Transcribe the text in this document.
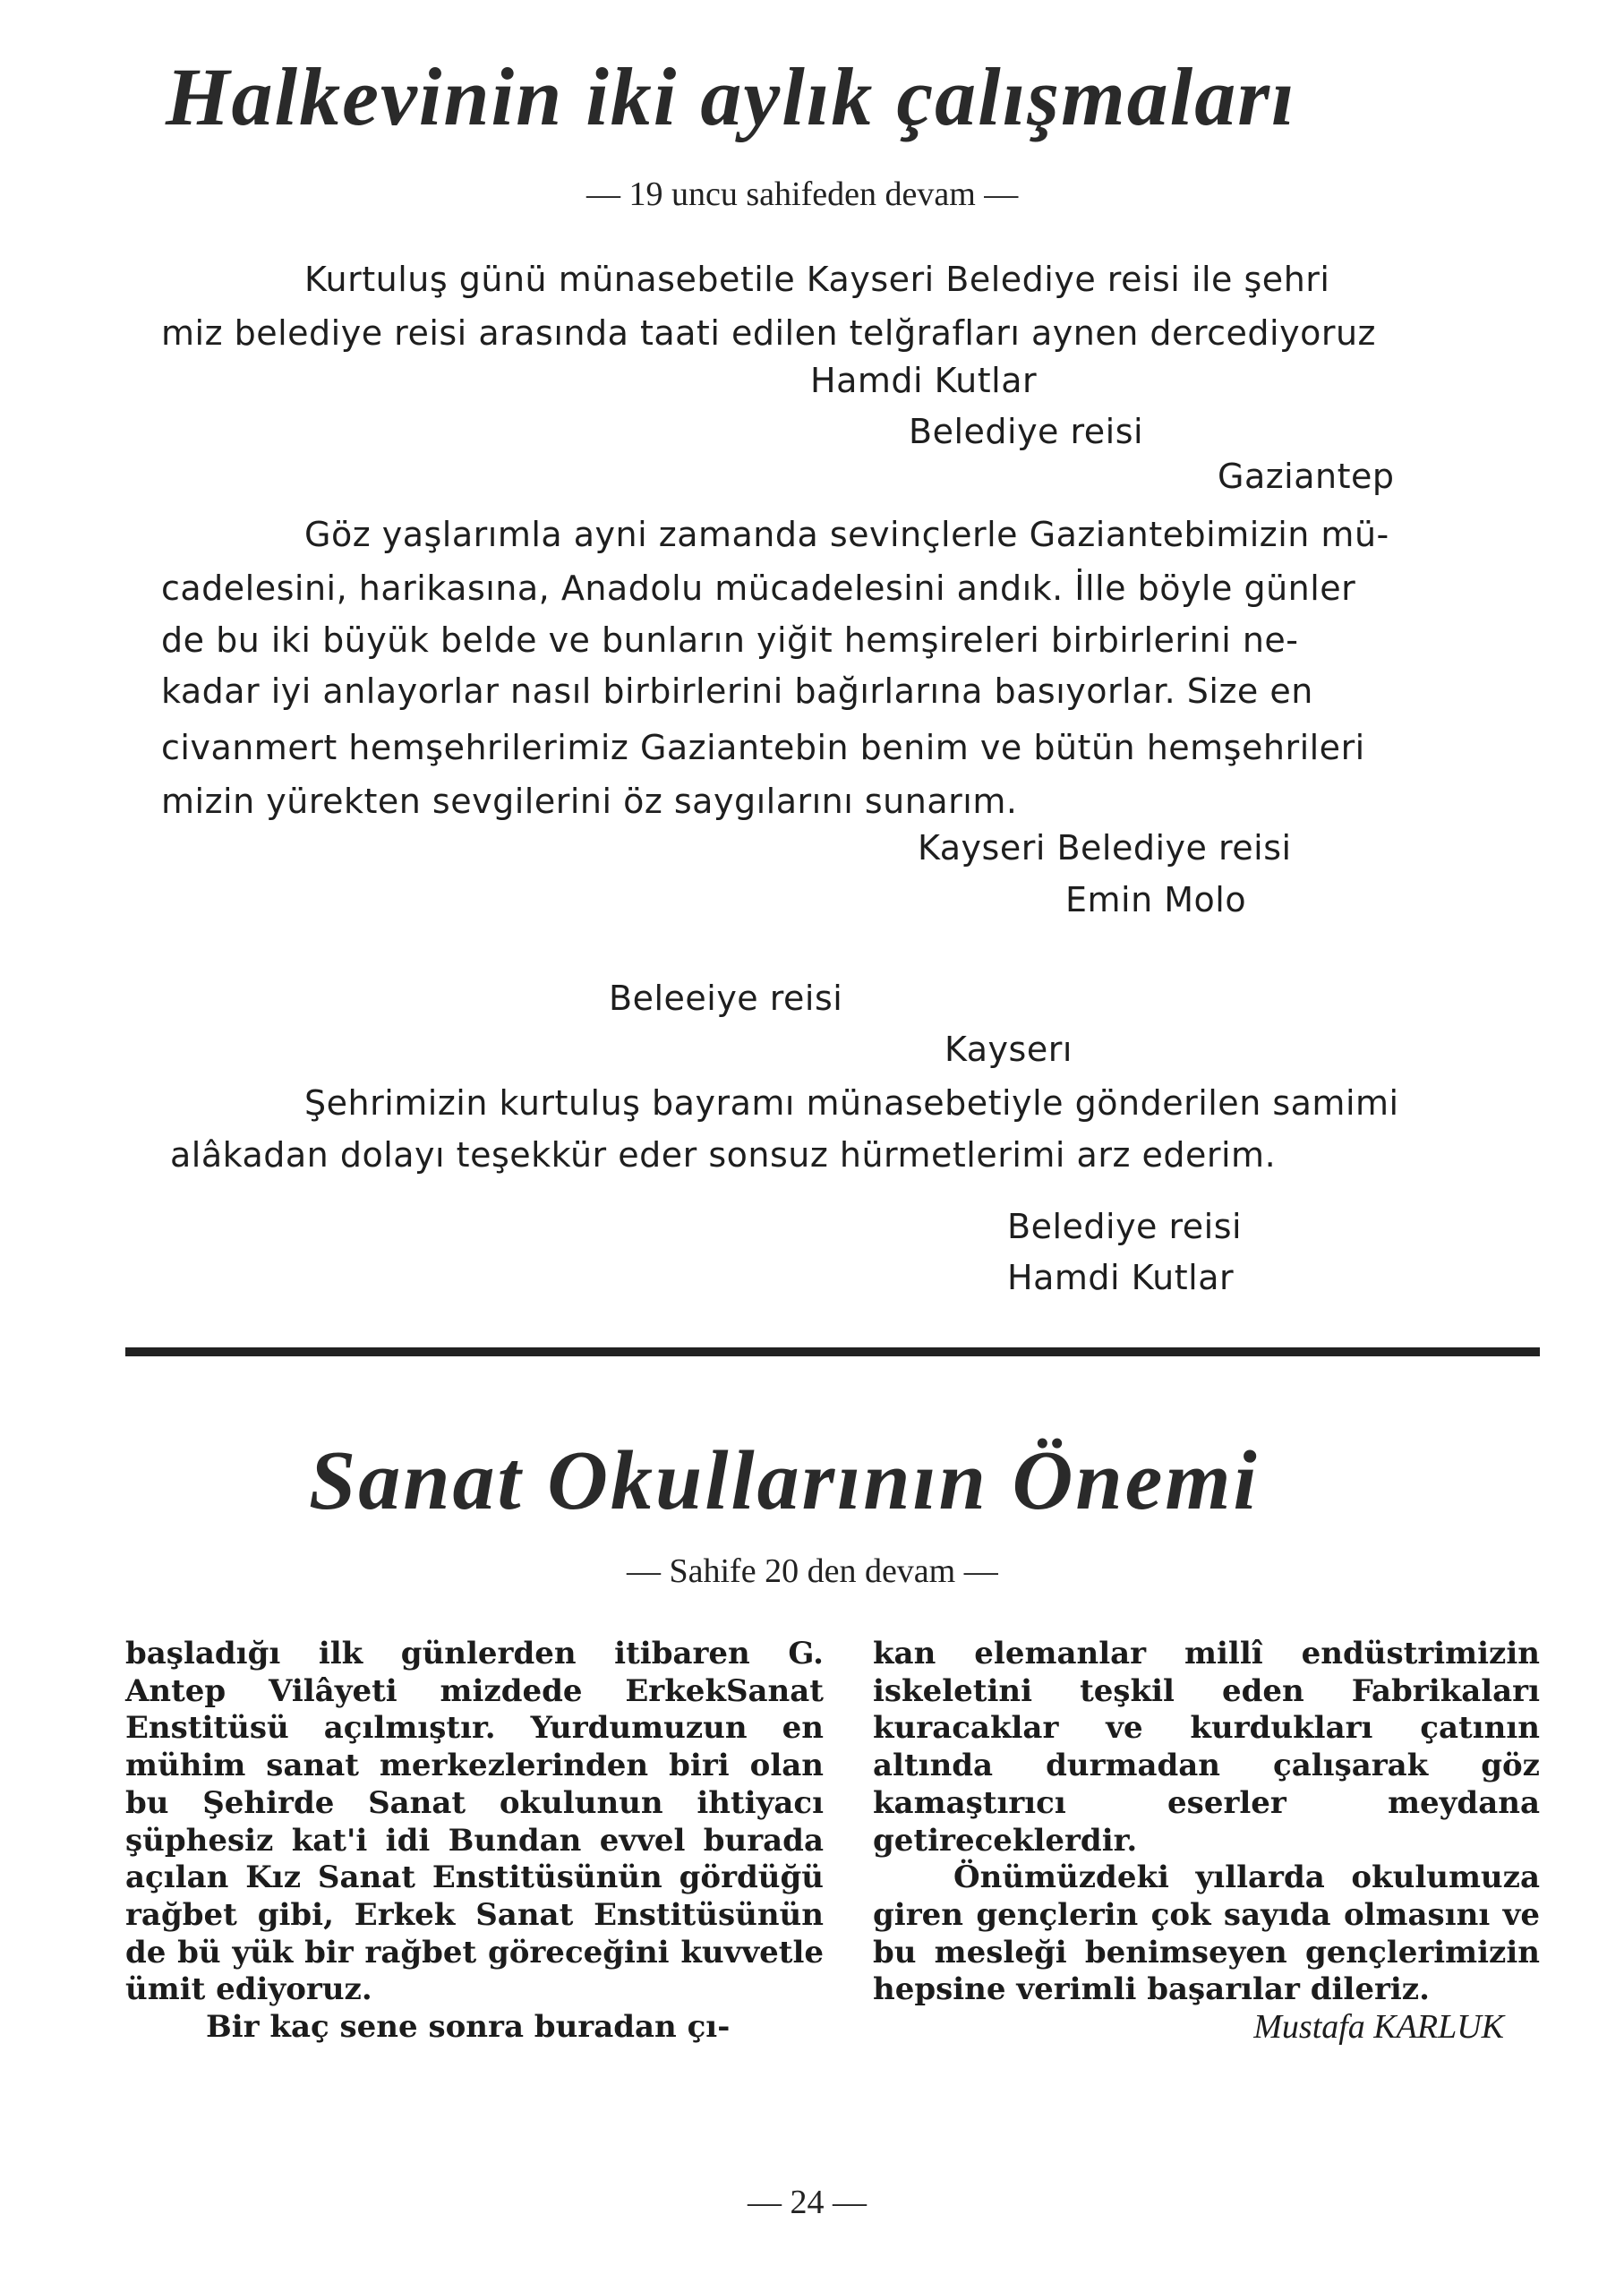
Halkevinin iki aylık çalışmaları
— 19 uncu sahifeden devam —
Kurtuluş günü münasebetile Kayseri Belediye reisi ile şehri
miz belediye reisi arasında taati edilen telğrafları aynen dercediyoruz
Hamdi Kutlar
Belediye reisi
Gaziantep
Göz yaşlarımla ayni zamanda sevinçlerle Gaziantebimizin mü-
cadelesini, harikasına, Anadolu mücadelesini andık. İlle böyle günler
de bu iki büyük belde ve bunların yiğit hemşireleri birbirlerini ne-
kadar iyi anlayorlar nasıl birbirlerini bağırlarına basıyorlar. Size en
civanmert hemşehrilerimiz Gaziantebin benim ve bütün hemşehrileri
mizin yürekten sevgilerini öz saygılarını sunarım.
Kayseri Belediye reisi
Emin Molo
Beleeiye reisi
Kayserı
Şehrimizin kurtuluş bayramı münasebetiyle gönderilen samimi
alâkadan dolayı teşekkür eder sonsuz hürmetlerimi arz ederim.
Belediye reisi
Hamdi Kutlar
Sanat Okullarının Önemi
— Sahife 20 den devam —

başladığı ilk günlerden itibaren G. Antep Vilâyeti mizdede ErkekSanat Enstitüsü açılmıştır. Yurdumuzun en mühim sanat merkezlerinden biri olan bu Şehirde Sanat okulunun ihtiyacı şüphesiz kat'i idi Bundan evvel burada açılan Kız Sanat Enstitüsünün gördüğü rağbet gibi, Erkek Sanat Enstitüsünün de bü yük bir rağbet göreceğini kuvvetle ümit ediyoruz.

Bir kaç sene sonra buradan çı-

kan elemanlar millî endüstrimizin iskeletini teşkil eden Fabrikaları kuracaklar ve kurdukları çatının altında durmadan çalışarak göz kamaştırıcı eserler meydana getireceklerdir.

Önümüzdeki yıllarda okulumuza giren gençlerin çok sayıda olmasını ve bu mesleği benimseyen gençlerimizin hepsine verimli başarılar dileriz.

Mustafa KARLUK

— 24 —
